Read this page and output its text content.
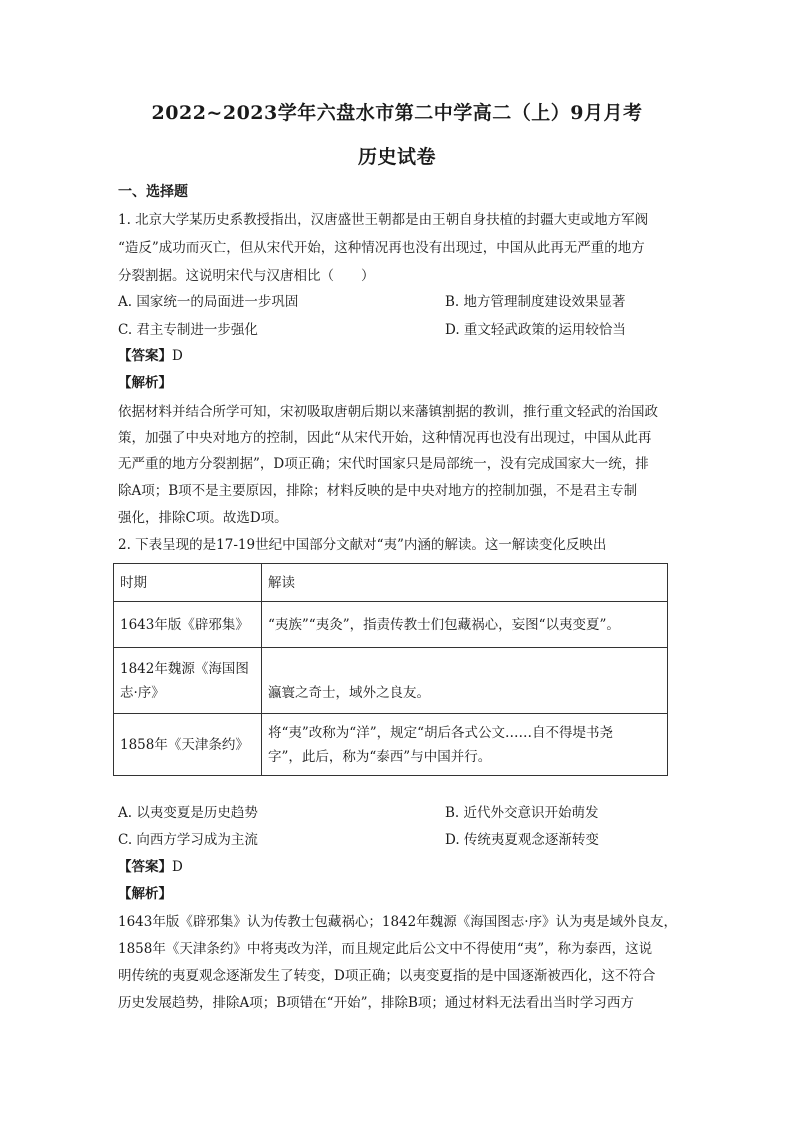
2022~2023学年六盘水市第二中学高二（上）9月月考
历史试卷
一、选择题
1. 北京大学某历史系教授指出，汉唐盛世王朝都是由王朝自身扶植的封疆大吏或地方军阀
“造反”成功而灭亡，但从宋代开始，这种情况再也没有出现过，中国从此再无严重的地方
分裂割据。这说明宋代与汉唐相比（　　）
A. 国家统一的局面进一步巩固	B. 地方管理制度建设效果显著
C. 君主专制进一步强化	D. 重文轻武政策的运用较恰当
【答案】D
【解析】
依据材料并结合所学可知，宋初吸取唐朝后期以来藩镇割据的教训，推行重文轻武的治国政
策，加强了中央对地方的控制，因此“从宋代开始，这种情况再也没有出现过，中国从此再
无严重的地方分裂割据”，D项正确；宋代时国家只是局部统一，没有完成国家大一统，排
除A项；B项不是主要原因，排除；材料反映的是中央对地方的控制加强，不是君主专制
强化，排除C项。故选D项。
2. 下表呈现的是17-19世纪中国部分文献对“夷”内涵的解读。这一解读变化反映出
时期	解读
1643年版《辟邪集》	“夷族”“夷灸”，指责传教士们包藏祸心，妄图“以夷变夏”。
1842年魏源《海国图
志·序》	瀛寰之奇士，域外之良友。
1858年《天津条约》	将“夷”改称为“洋”，规定“胡后各式公文……自不得堤书尧
字”，此后，称为“泰西”与中国并行。
A. 以夷变夏是历史趋势	B. 近代外交意识开始萌发
C. 向西方学习成为主流	D. 传统夷夏观念逐渐转变
【答案】D
【解析】
1643年版《辟邪集》认为传教士包藏祸心；1842年魏源《海国图志·序》认为夷是域外良友，
1858年《天津条约》中将夷改为洋，而且规定此后公文中不得使用“夷”，称为泰西，这说
明传统的夷夏观念逐渐发生了转变，D项正确；以夷变夏指的是中国逐渐被西化，这不符合
历史发展趋势，排除A项；B项错在“开始”，排除B项；通过材料无法看出当时学习西方
